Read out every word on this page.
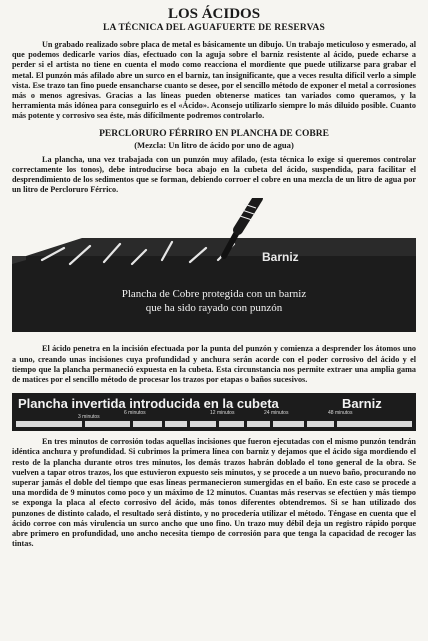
LOS ÁCIDOS
LA TÉCNICA DEL AGUAFUERTE DE RESERVAS

Un grabado realizado sobre placa de metal es básicamente un dibujo. Un trabajo meticuloso y esmerado, al que podemos dedicarle varios días, efectuado con la aguja sobre el barniz resistente al ácido, puede echarse a perder si el artista no tiene en cuenta el modo como reacciona el mordiente que puede utilizarse para grabar el metal. El punzón más afilado abre un surco en el barniz, tan insignificante, que a veces resulta difícil verlo a simple vista. Ese trazo tan fino puede ensancharse cuanto se desee, por el sencillo método de exponer el metal a corrosiones más o menos agresivas. Gracias a las líneas pueden obtenerse matices tan variados como queramos, y la herramienta más idónea para conseguirlo es el «Ácido». Aconsejo utilizarlo siempre lo más diluido posible. Cuanto más potente y corrosivo sea éste, más difícilmente podremos controlarlo.

PERCLORURO FÉRRIRO EN PLANCHA DE COBRE
(Mezcla: Un litro de ácido por uno de agua)

La plancha, una vez trabajada con un punzón muy afilado, (esta técnica lo exige si queremos controlar correctamente los tonos), debe introducirse boca abajo en la cubeta del ácido, suspendida, para facilitar el desprendimiento de los sedimentos que se forman, debiendo corroer el cobre en una mezcla de un litro de agua por un litro de Percloruro Férrico.

Barniz
Plancha de Cobre protegida con un barniz
que ha sido rayado con punzón

El ácido penetra en la incisión efectuada por la punta del punzón y comienza a desprender los átomos uno a uno, creando unas incisiones cuya profundidad y anchura serán acorde con el poder corrosivo del ácido y el tiempo que la plancha permaneció expuesta en la cubeta. Esta circunstancia nos permite extraer una amplia gama de matices por el sencillo método de procesar los trazos por etapas o baños sucesivos.

Plancha invertida introducida en la cubeta	Barniz
3 minutos
6 minutos	12 minutos	24 minutos	48 minutos

En tres minutos de corrosión todas aquellas incisiones que fueron ejecutadas con el mismo punzón tendrán idéntica anchura y profundidad. Si cubrimos la primera línea con barniz y dejamos que el ácido siga mordiendo el resto de la plancha durante otros tres minutos, los demás trazos habrán doblado el tono general de la obra. Se vuelven a tapar otros trazos, los que estuvieron expuesto seis minutos, y se procede a un nuevo baño, procurando no superar jamás el doble del tiempo que esas líneas permanecieron sumergidas en el baño. En este caso se procede a una mordida de 9 minutos como poco y un máximo de 12 minutos. Cuantas más reservas se efectúen y más tiempo se exponga la placa al efecto corrosivo del ácido, más tonos diferentes obtendremos. Si se han utilizado dos punzones de distinto calado, el resultado será distinto, y no procedería utilizar el método. Téngase en cuenta que el ácido corroe con más virulencia un surco ancho que uno fino. Un trazo muy débil deja un registro rápido porque abre primero en profundidad, uno ancho necesita tiempo de corrosión para que tenga la capacidad de recoger las tintas.
